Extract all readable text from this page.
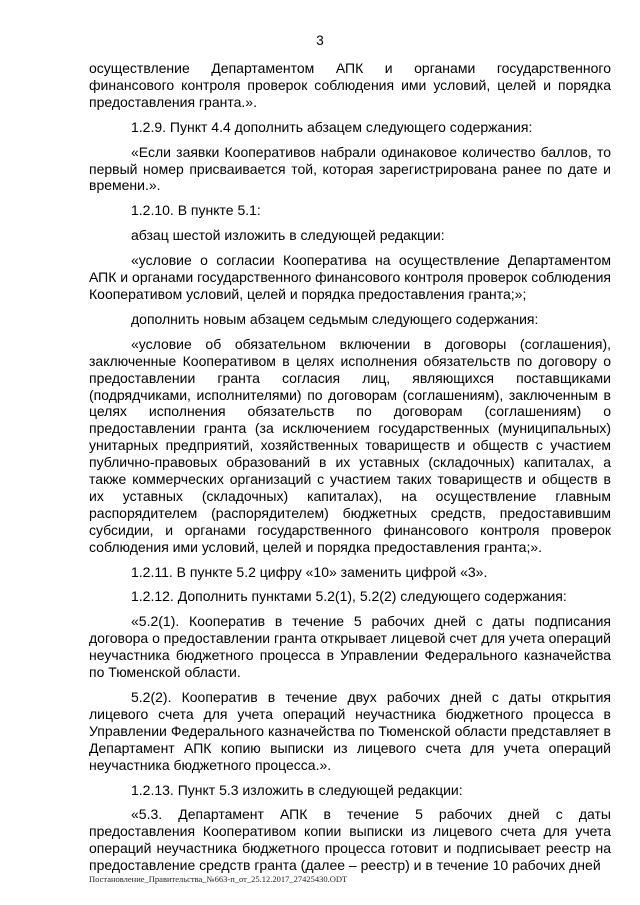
3

осуществление Департаментом АПК и органами государственного финансового контроля проверок соблюдения ими условий, целей и порядка предоставления гранта.».

1.2.9. Пункт 4.4 дополнить абзацем следующего содержания:

«Если заявки Кооперативов набрали одинаковое количество баллов, то первый номер присваивается той, которая зарегистрирована ранее по дате и времени.».

1.2.10. В пункте 5.1:

абзац шестой изложить в следующей редакции:

«условие о согласии Кооператива на осуществление Департаментом АПК и органами государственного финансового контроля проверок соблюдения Кооперативом условий, целей и порядка предоставления гранта;»;

дополнить новым абзацем седьмым следующего содержания:

«условие об обязательном включении в договоры (соглашения), заключенные Кооперативом в целях исполнения обязательств по договору о предоставлении гранта согласия лиц, являющихся поставщиками (подрядчиками, исполнителями) по договорам (соглашениям), заключенным в целях исполнения обязательств по договорам (соглашениям) о предоставлении гранта (за исключением государственных (муниципальных) унитарных предприятий, хозяйственных товариществ и обществ с участием публично-правовых образований в их уставных (складочных) капиталах, а также коммерческих организаций с участием таких товариществ и обществ в их уставных (складочных) капиталах), на осуществление главным распорядителем (распорядителем) бюджетных средств, предоставившим субсидии, и органами государственного финансового контроля проверок соблюдения ими условий, целей и порядка предоставления гранта;».

1.2.11. В пункте 5.2 цифру «10» заменить цифрой «3».

1.2.12. Дополнить пунктами 5.2(1), 5.2(2) следующего содержания:

«5.2(1). Кооператив в течение 5 рабочих дней с даты подписания договора о предоставлении гранта открывает лицевой счет для учета операций неучастника бюджетного процесса в Управлении Федерального казначейства по Тюменской области.

5.2(2). Кооператив в течение двух рабочих дней с даты открытия лицевого счета для учета операций неучастника бюджетного процесса в Управлении Федерального казначейства по Тюменской области представляет в Департамент АПК копию выписки из лицевого счета для учета операций неучастника бюджетного процесса.».

1.2.13. Пункт 5.3 изложить в следующей редакции:

«5.3. Департамент АПК в течение 5 рабочих дней с даты предоставления Кооперативом копии выписки из лицевого счета для учета операций неучастника бюджетного процесса готовит и подписывает реестр на предоставление средств гранта (далее – реестр) и в течение 10 рабочих дней

Постановление_Правительства_№663-п_от_25.12.2017_27425430.ODT
